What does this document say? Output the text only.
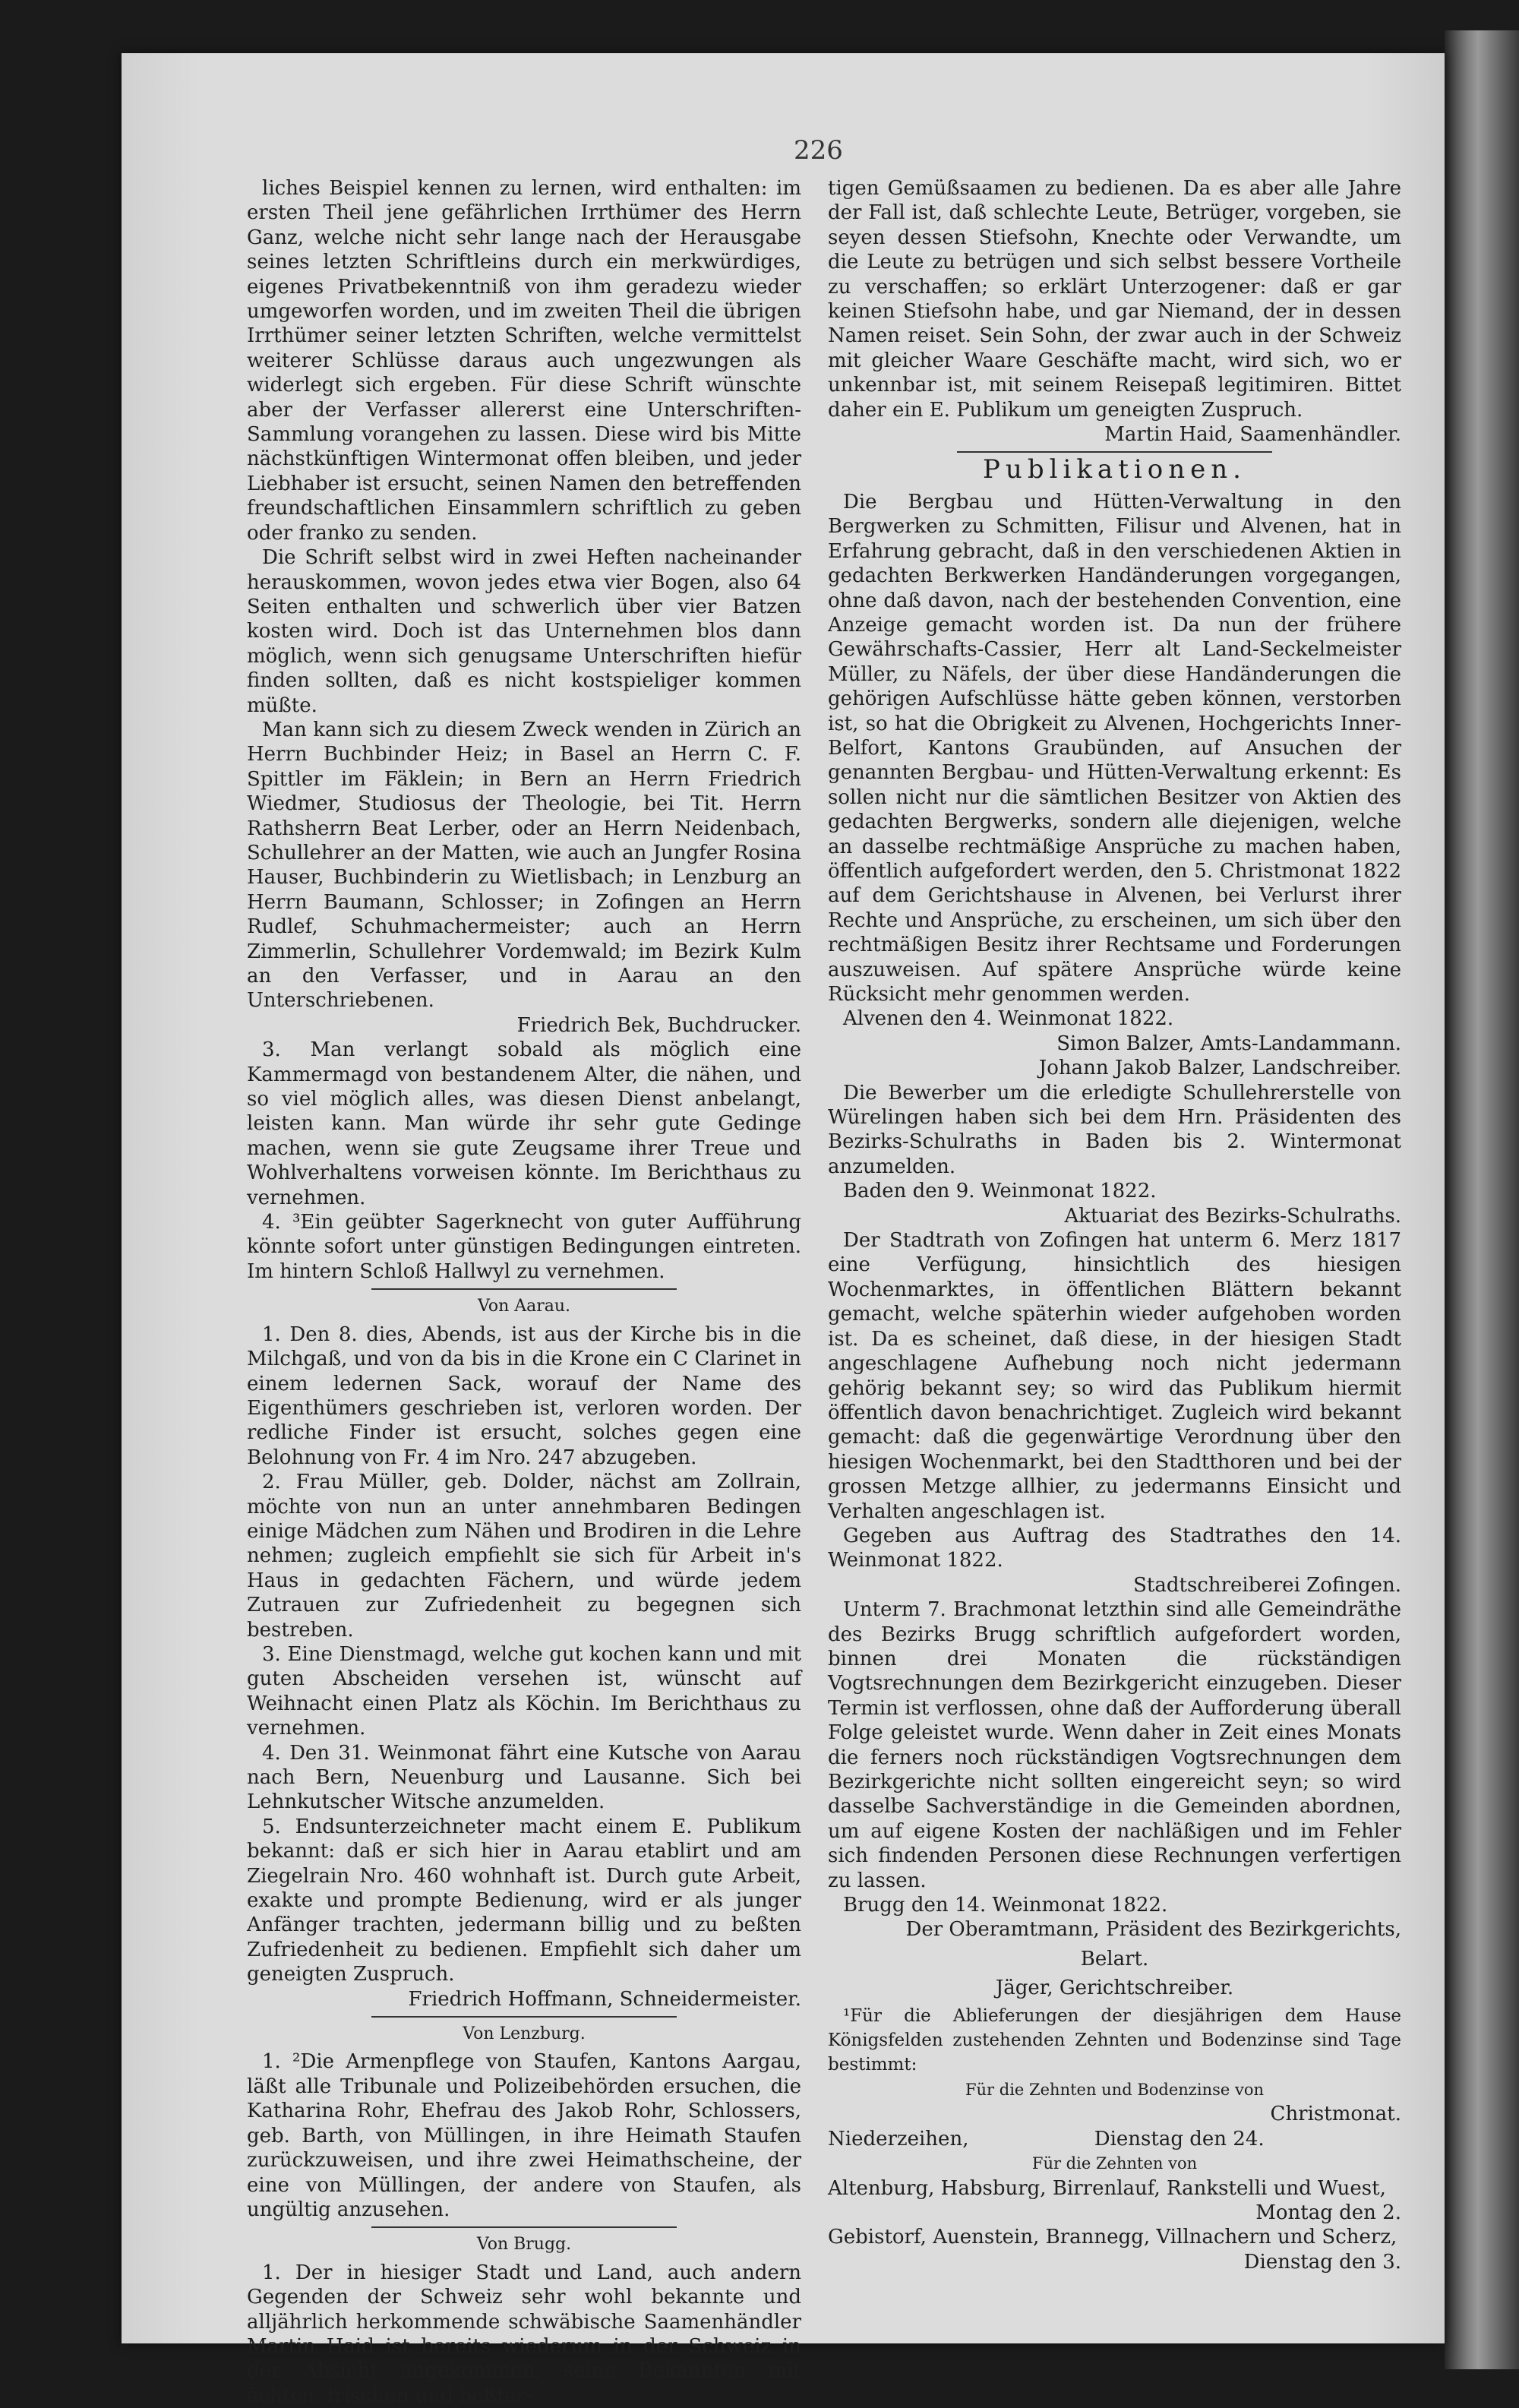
226

liches Beispiel kennen zu lernen, wird enthalten: im ersten Theil jene gefährlichen Irrthümer des Herrn Ganz, welche nicht sehr lange nach der Herausgabe seines letzten Schriftleins durch ein merkwürdiges, eigenes Privatbekenntniß von ihm geradezu wieder umgeworfen worden, und im zweiten Theil die übrigen Irrthümer seiner letzten Schriften, welche vermittelst weiterer Schlüsse daraus auch ungezwungen als widerlegt sich ergeben. Für diese Schrift wünschte aber der Verfasser allererst eine Unterschriften-Sammlung vorangehen zu lassen. Diese wird bis Mitte nächstkünftigen Wintermonat offen bleiben, und jeder Liebhaber ist ersucht, seinen Namen den betreffenden freundschaftlichen Einsammlern schriftlich zu geben oder franko zu senden.

Die Schrift selbst wird in zwei Heften nacheinander herauskommen, wovon jedes etwa vier Bogen, also 64 Seiten enthalten und schwerlich über vier Batzen kosten wird. Doch ist das Unternehmen blos dann möglich, wenn sich genugsame Unterschriften hiefür finden sollten, daß es nicht kostspieliger kommen müßte.

Man kann sich zu diesem Zweck wenden in Zürich an Herrn Buchbinder Heiz; in Basel an Herrn C. F. Spittler im Fäklein; in Bern an Herrn Friedrich Wiedmer, Studiosus der Theologie, bei Tit. Herrn Rathsherrn Beat Lerber, oder an Herrn Neidenbach, Schullehrer an der Matten, wie auch an Jungfer Rosina Hauser, Buchbinderin zu Wietlisbach; in Lenzburg an Herrn Baumann, Schlosser; in Zofingen an Herrn Rudlef, Schuhmachermeister; auch an Herrn Zimmerlin, Schullehrer Vordemwald; im Bezirk Kulm an den Verfasser, und in Aarau an den Unterschriebenen.

Friedrich Bek, Buchdrucker.

3. Man verlangt sobald als möglich eine Kammermagd von bestandenem Alter, die nähen, und so viel möglich alles, was diesen Dienst anbelangt, leisten kann. Man würde ihr sehr gute Gedinge machen, wenn sie gute Zeugsame ihrer Treue und Wohlverhaltens vorweisen könnte. Im Berichthaus zu vernehmen.

4. ³Ein geübter Sagerknecht von guter Aufführung könnte sofort unter günstigen Bedingungen eintreten. Im hintern Schloß Hallwyl zu vernehmen.

Von Aarau.

1. Den 8. dies, Abends, ist aus der Kirche bis in die Milchgaß, und von da bis in die Krone ein C Clarinet in einem ledernen Sack, worauf der Name des Eigenthümers geschrieben ist, verloren worden. Der redliche Finder ist ersucht, solches gegen eine Belohnung von Fr. 4 im Nro. 247 abzugeben.

2. Frau Müller, geb. Dolder, nächst am Zollrain, möchte von nun an unter annehmbaren Bedingen einige Mädchen zum Nähen und Brodiren in die Lehre nehmen; zugleich empfiehlt sie sich für Arbeit in's Haus in gedachten Fächern, und würde jedem Zutrauen zur Zufriedenheit zu begegnen sich bestreben.

3. Eine Dienstmagd, welche gut kochen kann und mit guten Abscheiden versehen ist, wünscht auf Weihnacht einen Platz als Köchin. Im Berichthaus zu vernehmen.

4. Den 31. Weinmonat fährt eine Kutsche von Aarau nach Bern, Neuenburg und Lausanne. Sich bei Lehnkutscher Witsche anzumelden.

5. Endsunterzeichneter macht einem E. Publikum bekannt: daß er sich hier in Aarau etablirt und am Ziegelrain Nro. 460 wohnhaft ist. Durch gute Arbeit, exakte und prompte Bedienung, wird er als junger Anfänger trachten, jedermann billig und zu beßten Zufriedenheit zu bedienen. Empfiehlt sich daher um geneigten Zuspruch.

Friedrich Hoffmann, Schneidermeister.

Von Lenzburg.

1. ²Die Armenpflege von Staufen, Kantons Aargau, läßt alle Tribunale und Polizeibehörden ersuchen, die Katharina Rohr, Ehefrau des Jakob Rohr, Schlossers, geb. Barth, von Müllingen, in ihre Heimath Staufen zurückzuweisen, und ihre zwei Heimathscheine, der eine von Müllingen, der andere von Staufen, als ungültig anzusehen.

Von Brugg.

1. Der in hiesiger Stadt und Land, auch andern Gegenden der Schweiz sehr wohl bekannte und alljährlich herkommende schwäbische Saamenhändler Martin Haid ist bereits wiederum in der Schweiz in der Absicht angekommen, seine Bekannten mit ächten, frischen und beßtar-

tigen Gemüßsaamen zu bedienen. Da es aber alle Jahre der Fall ist, daß schlechte Leute, Betrüger, vorgeben, sie seyen dessen Stiefsohn, Knechte oder Verwandte, um die Leute zu betrügen und sich selbst bessere Vortheile zu verschaffen; so erklärt Unterzogener: daß er gar keinen Stiefsohn habe, und gar Niemand, der in dessen Namen reiset. Sein Sohn, der zwar auch in der Schweiz mit gleicher Waare Geschäfte macht, wird sich, wo er unkennbar ist, mit seinem Reisepaß legitimiren. Bittet daher ein E. Publikum um geneigten Zuspruch.

Martin Haid, Saamenhändler.

Publikationen.

Die Bergbau und Hütten-Verwaltung in den Bergwerken zu Schmitten, Filisur und Alvenen, hat in Erfahrung gebracht, daß in den verschiedenen Aktien in gedachten Berkwerken Handänderungen vorgegangen, ohne daß davon, nach der bestehenden Convention, eine Anzeige gemacht worden ist. Da nun der frühere Gewährschafts-Cassier, Herr alt Land-Seckelmeister Müller, zu Näfels, der über diese Handänderungen die gehörigen Aufschlüsse hätte geben können, verstorben ist, so hat die Obrigkeit zu Alvenen, Hochgerichts Inner-Belfort, Kantons Graubünden, auf Ansuchen der genannten Bergbau- und Hütten-Verwaltung erkennt: Es sollen nicht nur die sämtlichen Besitzer von Aktien des gedachten Bergwerks, sondern alle diejenigen, welche an dasselbe rechtmäßige Ansprüche zu machen haben, öffentlich aufgefordert werden, den 5. Christmonat 1822 auf dem Gerichtshause in Alvenen, bei Verlurst ihrer Rechte und Ansprüche, zu erscheinen, um sich über den rechtmäßigen Besitz ihrer Rechtsame und Forderungen auszuweisen. Auf spätere Ansprüche würde keine Rücksicht mehr genommen werden.

Alvenen den 4. Weinmonat 1822.

Simon Balzer, Amts-Landammann.

Johann Jakob Balzer, Landschreiber.

Die Bewerber um die erledigte Schullehrerstelle von Würelingen haben sich bei dem Hrn. Präsidenten des Bezirks-Schulraths in Baden bis 2. Wintermonat anzumelden.

Baden den 9. Weinmonat 1822.

Aktuariat des Bezirks-Schulraths.

Der Stadtrath von Zofingen hat unterm 6. Merz 1817 eine Verfügung, hinsichtlich des hiesigen Wochenmarktes, in öffentlichen Blättern bekannt gemacht, welche späterhin wieder aufgehoben worden ist. Da es scheinet, daß diese, in der hiesigen Stadt angeschlagene Aufhebung noch nicht jedermann gehörig bekannt sey; so wird das Publikum hiermit öffentlich davon benachrichtiget. Zugleich wird bekannt gemacht: daß die gegenwärtige Verordnung über den hiesigen Wochenmarkt, bei den Stadtthoren und bei der grossen Metzge allhier, zu jedermanns Einsicht und Verhalten angeschlagen ist.

Gegeben aus Auftrag des Stadtrathes den 14. Weinmonat 1822.

Stadtschreiberei Zofingen.

Unterm 7. Brachmonat letzthin sind alle Gemeindräthe des Bezirks Brugg schriftlich aufgefordert worden, binnen drei Monaten die rückständigen Vogtsrechnungen dem Bezirkgericht einzugeben. Dieser Termin ist verflossen, ohne daß der Aufforderung überall Folge geleistet wurde. Wenn daher in Zeit eines Monats die ferners noch rückständigen Vogtsrechnungen dem Bezirkgerichte nicht sollten eingereicht seyn; so wird dasselbe Sachverständige in die Gemeinden abordnen, um auf eigene Kosten der nachläßigen und im Fehler sich findenden Personen diese Rechnungen verfertigen zu lassen.

Brugg den 14. Weinmonat 1822.

Der Oberamtmann, Präsident des Bezirkgerichts,

Belart.

Jäger, Gerichtschreiber.

¹Für die Ablieferungen der diesjährigen dem Hause Königsfelden zustehenden Zehnten und Bodenzinse sind Tage bestimmt:

Für die Zehnten und Bodenzinse von

Christmonat.

Niederzeihen,                    Dienstag den 24.

Für die Zehnten von

Altenburg, Habsburg, Birrenlauf, Rankstelli und Wuest,

Montag den 2.

Gebistorf, Auenstein, Brannegg, Villnachern und Scherz,

Dienstag den 3.
